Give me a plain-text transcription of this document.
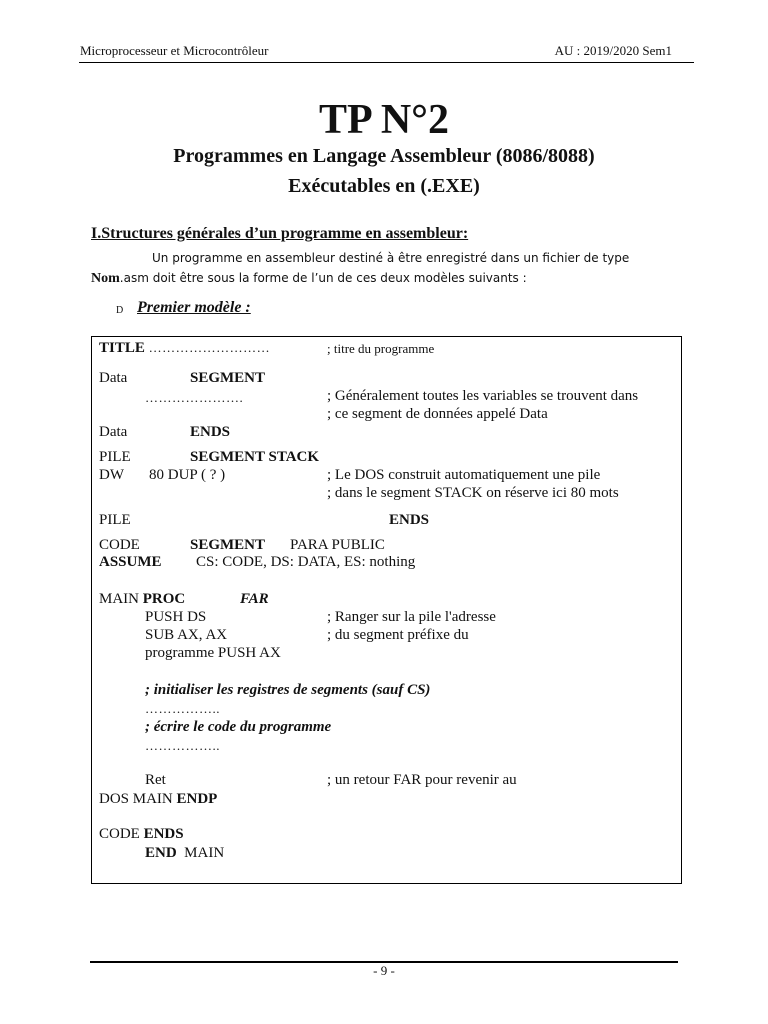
Microprocesseur et Microcontrôleur	AU : 2019/2020 Sem1
TP N°2
Programmes en Langage Assembleur (8086/8088)
Exécutables en (.EXE)
I.Structures générales d’un programme en assembleur:
Un programme en assembleur destiné à être enregistré dans un fichier de type
Nom.asm doit être sous la forme de l’un de ces deux modèles suivants :
D Premier modèle :
TITLE ………………………	; titre du programme
Data	SEGMENT
………………….	; Généralement toutes les variables se trouvent dans
; ce segment de données appelé Data
Data	ENDS
PILE	SEGMENT STACK
DW 80 DUP ( ? )	; Le DOS construit automatiquement une pile
; dans le segment STACK on réserve ici 80 mots
PILE	ENDS
CODE	SEGMENT PARA PUBLIC
ASSUME CS: CODE, DS: DATA, ES: nothing
MAIN PROC	FAR
PUSH DS	; Ranger sur la pile l'adresse
SUB AX, AX	; du segment préfixe du
programme PUSH AX
; initialiser les registres de segments (sauf CS)
……………..
; écrire le code du programme
……………..
Ret	; un retour FAR pour revenir au
DOS MAIN ENDP
CODE ENDS
END MAIN
- 9 -
